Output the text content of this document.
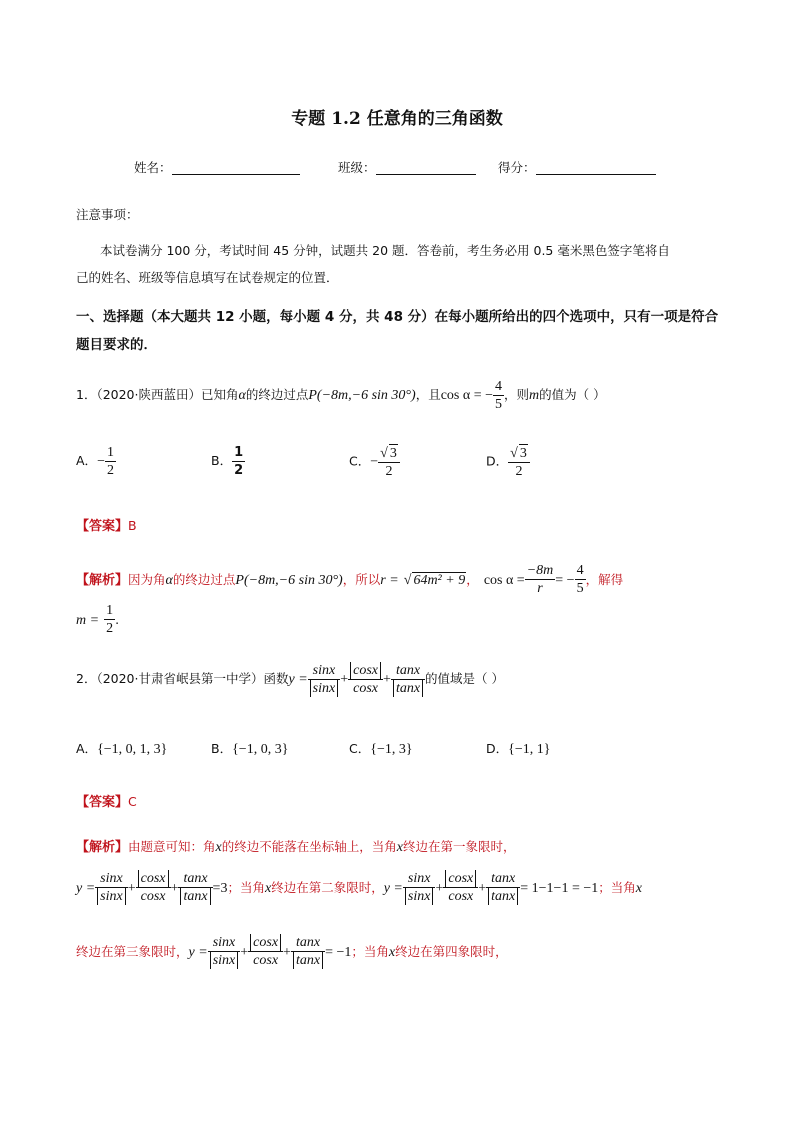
专题 1.2 任意角的三角函数
姓名：	班级：	得分：
注意事项：
本试卷满分 100 分，考试时间 45 分钟，试题共 20 题．答卷前，考生务必用 0.5 毫米黑色签字笔将自
己的姓名、班级等信息填写在试卷规定的位置．
一、选择题（本大题共 12 小题，每小题 4 分，共 48 分）在每小题所给出的四个选项中，只有一项是符合
题目要求的．
1．（2020·陕西蓝田）已知角α的终边过点P(−8m,−6 sin 30°)，且cos α = − $\frac{4}{5}$ ，则m的值为（ ）
A．− $\frac{1}{2}$	B． $\frac{1}{2}$	C．− $\frac{√ 3}{2}$	D． $\frac{√ 3}{2}$
【答案】B
【解析】因为角α的终边过点P(−8m,−6 sin 30°)，所以r = √ 64m² + 9， $\cos \alpha = \frac{-8m}{r}$ = − $\frac{4}{5}$ ，解得
$m = \frac{1}{2}$ .
2．（2020·甘肃省岷县第一中学）函数$y = \frac{\sin x}{\sin x} + \frac{\cos x}{\cos x} + \frac{\tan x}{\tan x}$ 的值域是（ ）
A．{−1, 0, 1, 3}	B．{−1, 0, 3}	C．{−1, 3}	D．{−1, 1}
【答案】C
【解析】由题意可知：角x的终边不能落在坐标轴上，当角x终边在第一象限时，
$y = \frac{\sin x}{\sin x} + \frac{\cos x}{\cos x} + \frac{\tan x}{\tan x} =3$；当角x终边在第二象限时，$y = \frac{\sin x}{\sin x} + \frac{\cos x}{\cos x} + \frac{\tan x}{\tan x} = 1-1-1 = -1$；当角x
终边在第三象限时，$y = \frac{\sin x}{\sin x} + \frac{\cos x}{\cos x} + \frac{\tan x}{\tan x} = -1$；当角x终边在第四象限时，
